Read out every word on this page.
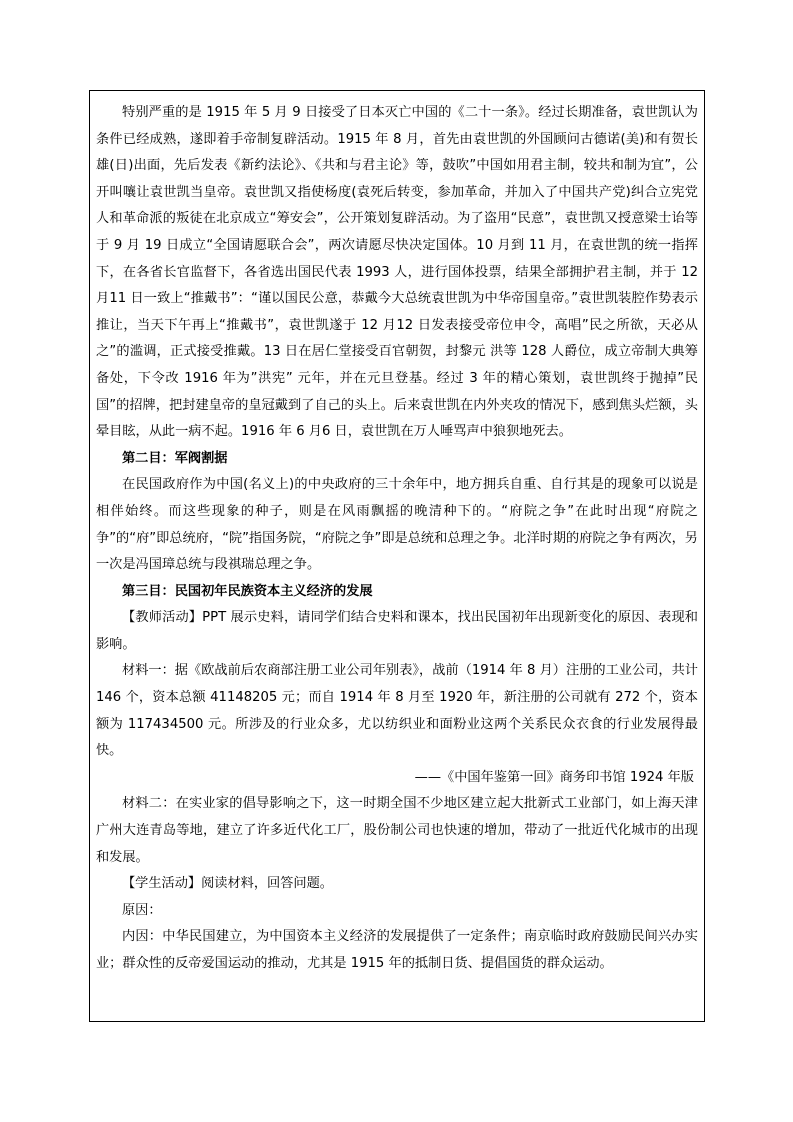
特别严重的是 1915 年 5 月 9 日接受了日本灭亡中国的《二十一条》。经过长期准备，袁世凯认为条件已经成熟，遂即着手帝制复辟活动。1915 年 8 月，首先由袁世凯的外国顾问古德诺(美)和有贺长雄(日)出面，先后发表《新约法论》、《共和与君主论》等，鼓吹”中国如用君主制，较共和制为宜”，公开叫嚷让袁世凯当皇帝。袁世凯又指使杨度(袁死后转变，参加革命，并加入了中国共产党)纠合立宪党人和革命派的叛徒在北京成立“筹安会”，公开策划复辟活动。为了盗用“民意”，袁世凯又授意梁士诒等于 9 月 19 日成立“全国请愿联合会”，两次请愿尽快决定国体。10 月到 11 月，在袁世凯的统一指挥下，在各省长官监督下，各省选出国民代表 1993 人，进行国体投票，结果全部拥护君主制，并于 12 月11 日一致上“推戴书”：“谨以国民公意，恭戴今大总统袁世凯为中华帝国皇帝。”袁世凯装腔作势表示推让，当天下午再上“推戴书”，袁世凯遂于 12 月12 日发表接受帝位申令，高唱”民之所欲，天必从之”的滥调，正式接受推戴。13 日在居仁堂接受百官朝贺，封黎元 洪等 128 人爵位，成立帝制大典筹备处，下令改 1916 年为”洪宪” 元年，并在元旦登基。经过 3 年的精心策划，袁世凯终于抛掉”民国”的招牌，把封建皇帝的皇冠戴到了自己的头上。后来袁世凯在内外夹攻的情况下，感到焦头烂额，头晕目眩，从此一病不起。1916 年 6 月6 日，袁世凯在万人唾骂声中狼狈地死去。

第二目：军阀割据

在民国政府作为中国(名义上)的中央政府的三十余年中，地方拥兵自重、自行其是的现象可以说是相伴始终。而这些现象的种子，则是在风雨飘摇的晚清种下的。“府院之争”在此时出现“府院之争”的“府”即总统府，“院”指国务院，“府院之争”即是总统和总理之争。北洋时期的府院之争有两次，另一次是冯国璋总统与段祺瑞总理之争。

第三目：民国初年民族资本主义经济的发展

【教师活动】PPT 展示史料，请同学们结合史料和课本，找出民国初年出现新变化的原因、表现和影响。

材料一：据《欧战前后农商部注册工业公司年别表》，战前（1914 年 8 月）注册的工业公司，共计 146 个，资本总额 41148205 元；而自 1914 年 8 月至 1920 年，新注册的公司就有 272 个，资本额为 117434500 元。所涉及的行业众多，尤以纺织业和面粉业这两个关系民众衣食的行业发展得最快。

——《中国年鉴第一回》商务印书馆 1924 年版

材料二：在实业家的倡导影响之下，这一时期全国不少地区建立起大批新式工业部门，如上海天津广州大连青岛等地，建立了许多近代化工厂，股份制公司也快速的增加，带动了一批近代化城市的出现和发展。

【学生活动】阅读材料，回答问题。

原因：

内因：中华民国建立，为中国资本主义经济的发展提供了一定条件；南京临时政府鼓励民间兴办实业；群众性的反帝爱国运动的推动，尤其是 1915 年的抵制日货、提倡国货的群众运动。
